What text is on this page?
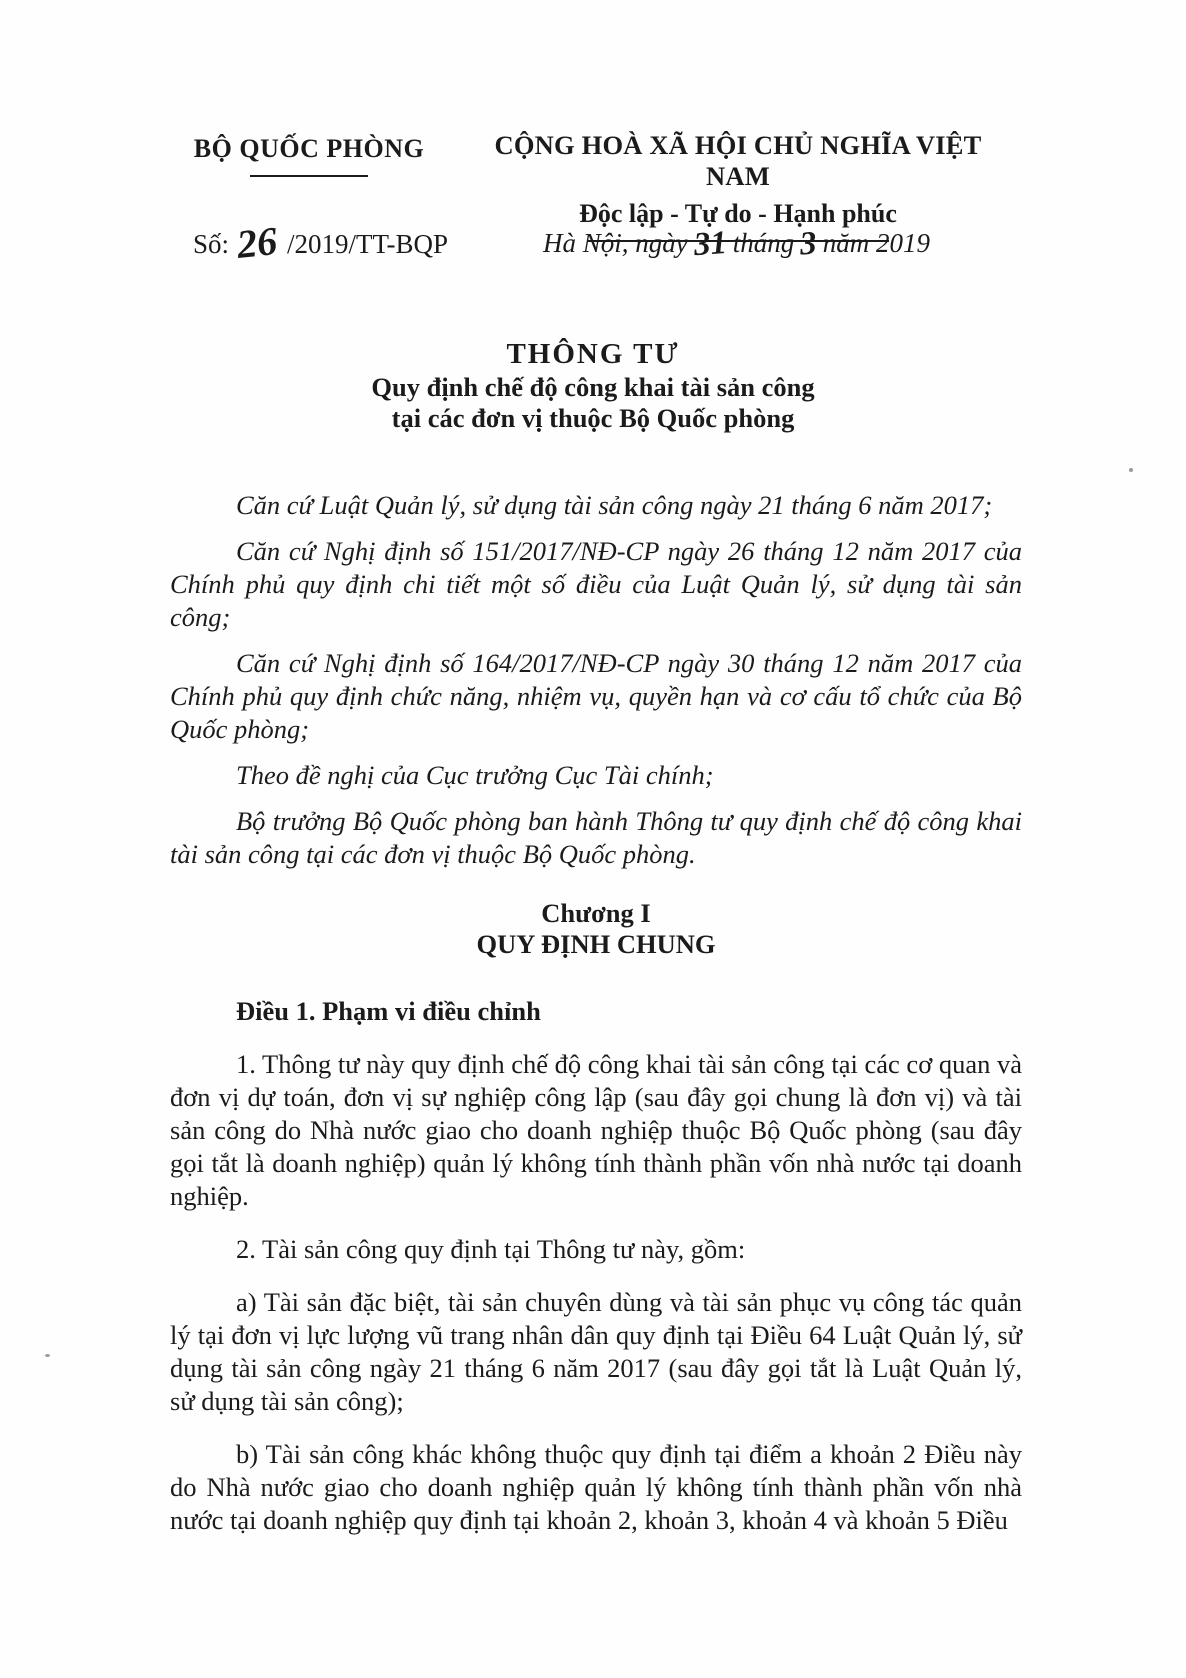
BỘ QUỐC PHÒNG	CỘNG HOÀ XÃ HỘI CHỦ NGHĨA VIỆT NAM
Độc lập - Tự do - Hạnh phúc
Số: 26 /2019/TT-BQP	Hà Nội, ngày 31 tháng 3 năm 2019
THÔNG TƯ
Quy định chế độ công khai tài sản công
tại các đơn vị thuộc Bộ Quốc phòng

Căn cứ Luật Quản lý, sử dụng tài sản công ngày 21 tháng 6 năm 2017;

Căn cứ Nghị định số 151/2017/NĐ-CP ngày 26 tháng 12 năm 2017 của Chính phủ quy định chi tiết một số điều của Luật Quản lý, sử dụng tài sản công;

Căn cứ Nghị định số 164/2017/NĐ-CP ngày 30 tháng 12 năm 2017 của Chính phủ quy định chức năng, nhiệm vụ, quyền hạn và cơ cấu tổ chức của Bộ Quốc phòng;

Theo đề nghị của Cục trưởng Cục Tài chính;

Bộ trưởng Bộ Quốc phòng ban hành Thông tư quy định chế độ công khai tài sản công tại các đơn vị thuộc Bộ Quốc phòng.

Chương I
QUY ĐỊNH CHUNG
Điều 1. Phạm vi điều chỉnh

1. Thông tư này quy định chế độ công khai tài sản công tại các cơ quan và đơn vị dự toán, đơn vị sự nghiệp công lập (sau đây gọi chung là đơn vị) và tài sản công do Nhà nước giao cho doanh nghiệp thuộc Bộ Quốc phòng (sau đây gọi tắt là doanh nghiệp) quản lý không tính thành phần vốn nhà nước tại doanh nghiệp.

2. Tài sản công quy định tại Thông tư này, gồm:

a) Tài sản đặc biệt, tài sản chuyên dùng và tài sản phục vụ công tác quản lý tại đơn vị lực lượng vũ trang nhân dân quy định tại Điều 64 Luật Quản lý, sử dụng tài sản công ngày 21 tháng 6 năm 2017 (sau đây gọi tắt là Luật Quản lý, sử dụng tài sản công);

b) Tài sản công khác không thuộc quy định tại điểm a khoản 2 Điều này do Nhà nước giao cho doanh nghiệp quản lý không tính thành phần vốn nhà nước tại doanh nghiệp quy định tại khoản 2, khoản 3, khoản 4 và khoản 5 Điều
